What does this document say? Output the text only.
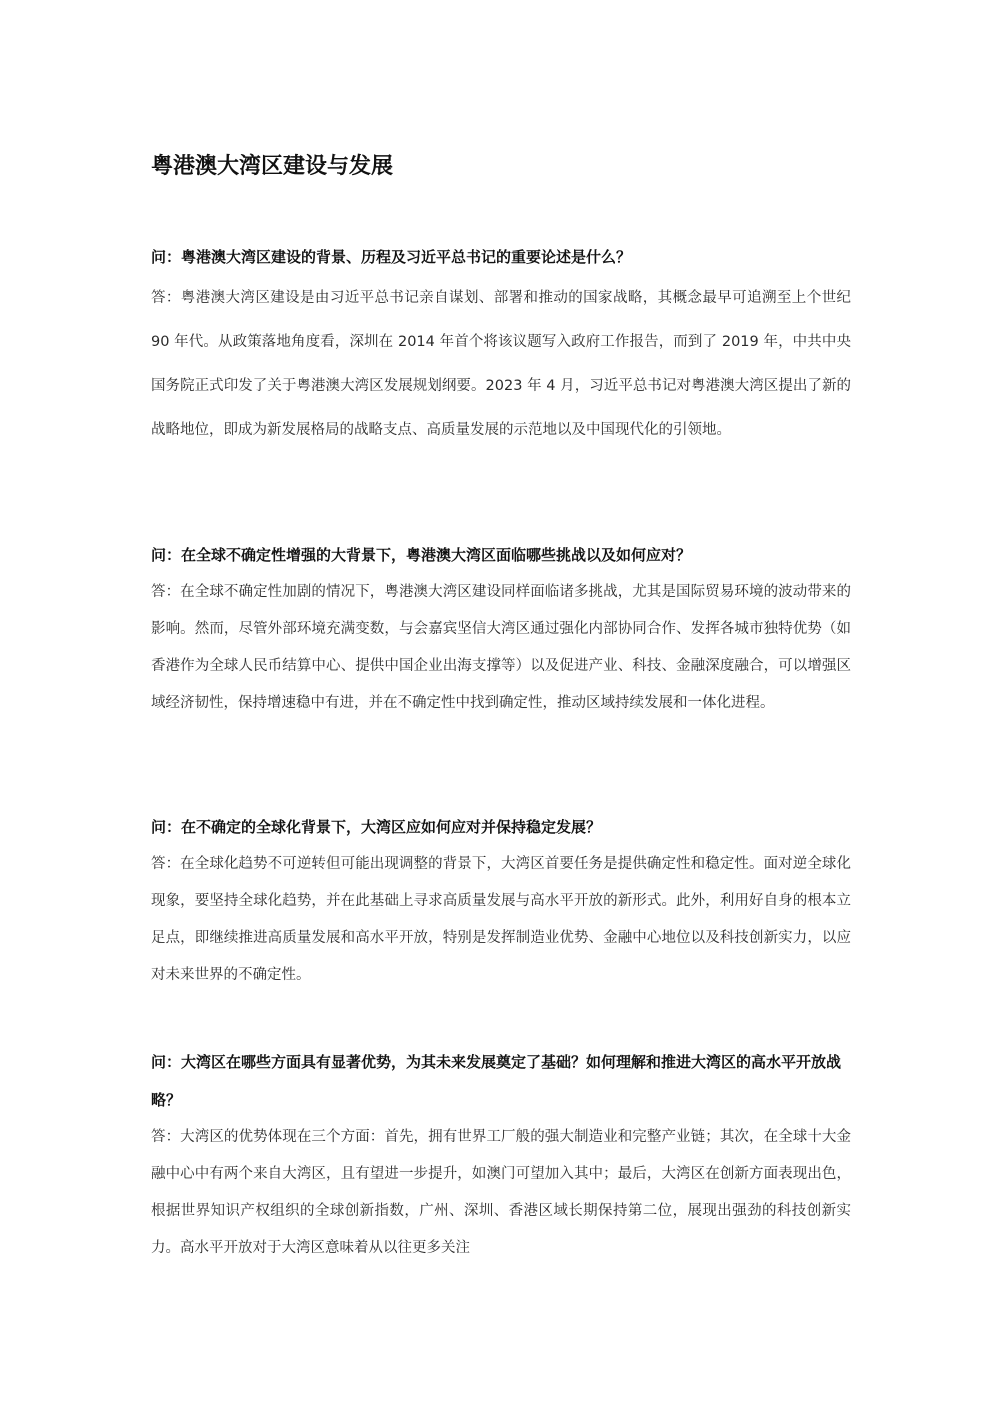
粤港澳大湾区建设与发展

问：粤港澳大湾区建设的背景、历程及习近平总书记的重要论述是什么？

答：粤港澳大湾区建设是由习近平总书记亲自谋划、部署和推动的国家战略，其概念最早可追溯至上个世纪 90 年代。从政策落地角度看，深圳在 2014 年首个将该议题写入政府工作报告，而到了 2019 年，中共中央国务院正式印发了关于粤港澳大湾区发展规划纲要。2023 年 4 月，习近平总书记对粤港澳大湾区提出了新的战略地位，即成为新发展格局的战略支点、高质量发展的示范地以及中国现代化的引领地。

问：在全球不确定性增强的大背景下，粤港澳大湾区面临哪些挑战以及如何应对？

答：在全球不确定性加剧的情况下，粤港澳大湾区建设同样面临诸多挑战，尤其是国际贸易环境的波动带来的影响。然而，尽管外部环境充满变数，与会嘉宾坚信大湾区通过强化内部协同合作、发挥各城市独特优势（如香港作为全球人民币结算中心、提供中国企业出海支撑等）以及促进产业、科技、金融深度融合，可以增强区域经济韧性，保持增速稳中有进，并在不确定性中找到确定性，推动区域持续发展和一体化进程。

问：在不确定的全球化背景下，大湾区应如何应对并保持稳定发展？

答：在全球化趋势不可逆转但可能出现调整的背景下，大湾区首要任务是提供确定性和稳定性。面对逆全球化现象，要坚持全球化趋势，并在此基础上寻求高质量发展与高水平开放的新形式。此外，利用好自身的根本立足点，即继续推进高质量发展和高水平开放，特别是发挥制造业优势、金融中心地位以及科技创新实力，以应对未来世界的不确定性。

问：大湾区在哪些方面具有显著优势，为其未来发展奠定了基础？如何理解和推进大湾区的高水平开放战略？

答：大湾区的优势体现在三个方面：首先，拥有世界工厂般的强大制造业和完整产业链；其次，在全球十大金融中心中有两个来自大湾区，且有望进一步提升，如澳门可望加入其中；最后，大湾区在创新方面表现出色，根据世界知识产权组织的全球创新指数，广州、深圳、香港区域长期保持第二位，展现出强劲的科技创新实力。高水平开放对于大湾区意味着从以往更多关注
